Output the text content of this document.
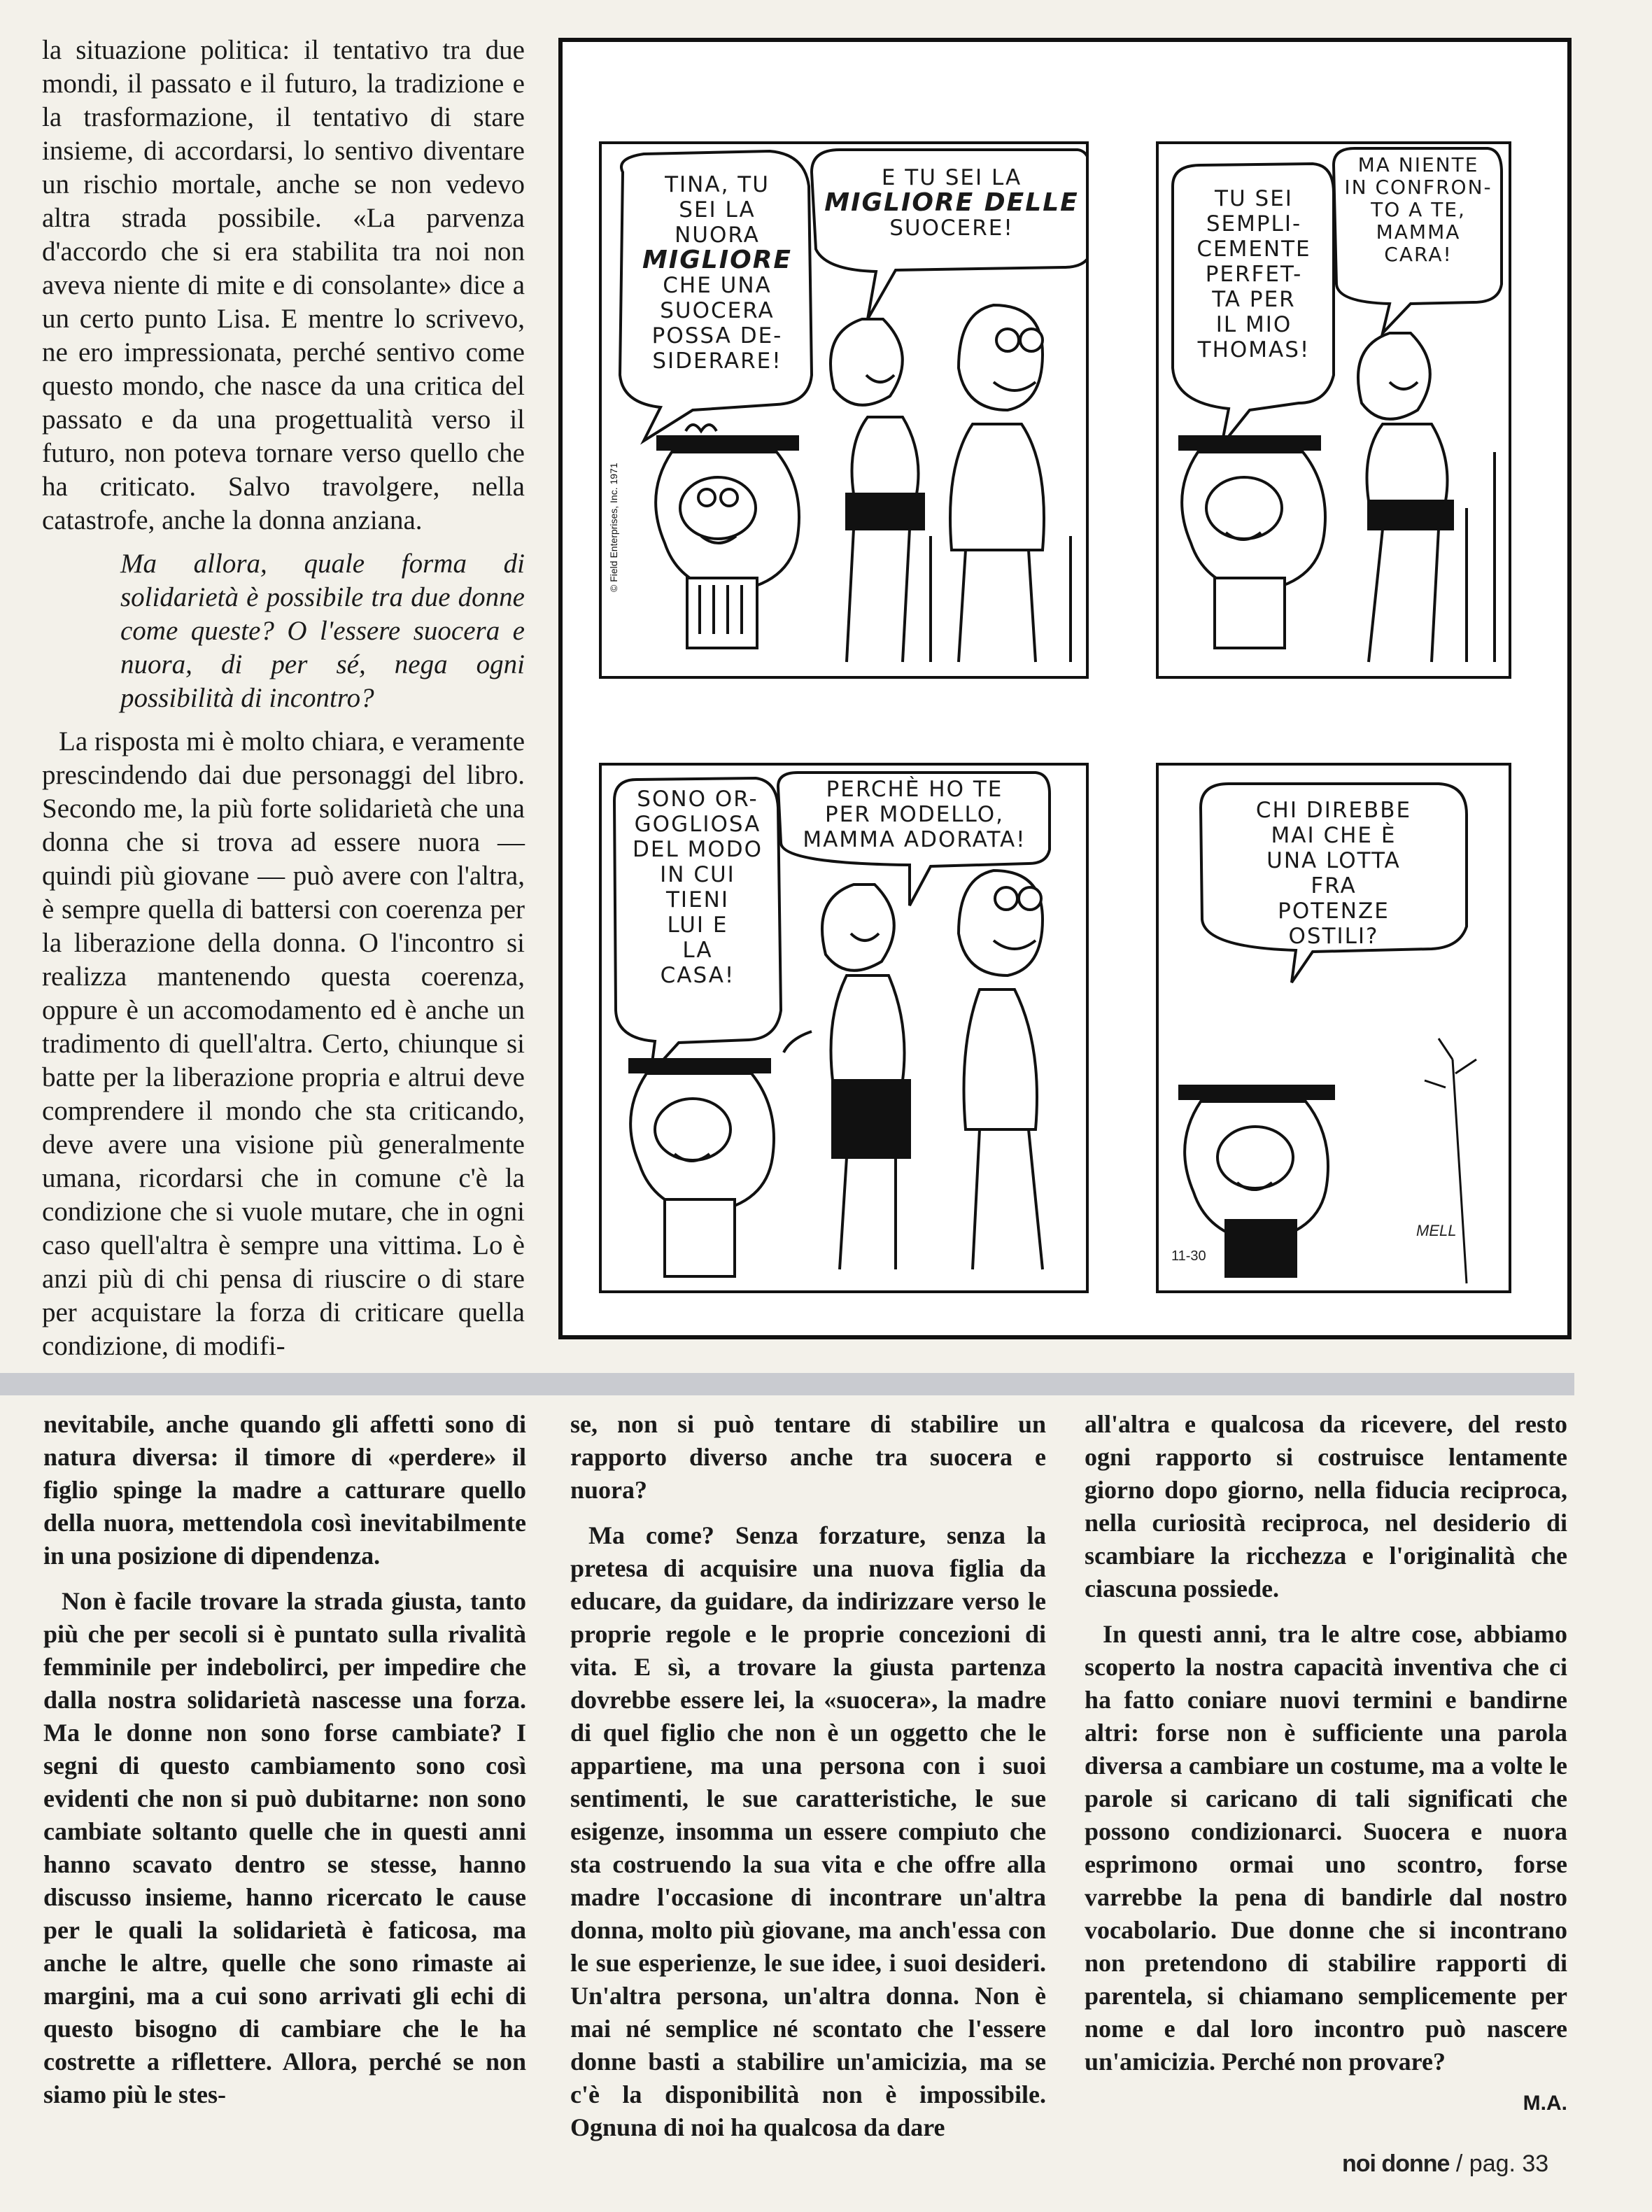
la situazione politica: il tentativo tra due mondi, il passato e il futuro, la tradizione e la trasformazione, il tentativo di stare insieme, di accordarsi, lo sentivo diventare un rischio mortale, anche se non vedevo altra strada possibile. «La parvenza d'accordo che si era stabilita tra noi non aveva niente di mite e di consolante» dice a un certo punto Lisa. E mentre lo scrivevo, ne ero impressionata, perché sentivo come questo mondo, che nasce da una critica del passato e da una progettualità verso il futuro, non poteva tornare verso quello che ha criticato. Salvo travolgere, nella catastrofe, anche la donna anziana.

Ma allora, quale forma di solidarietà è possibile tra due donne come queste? O l'essere suocera e nuora, di per sé, nega ogni possibilità di incontro?

La risposta mi è molto chiara, e veramente prescindendo dai due personaggi del libro. Secondo me, la più forte solidarietà che una donna che si trova ad essere nuora — quindi più giovane — può avere con l'altra, è sempre quella di battersi con coerenza per la liberazione della donna. O l'incontro si realizza mantenendo questa coerenza, oppure è un accomodamento ed è anche un tradimento di quell'altra. Certo, chiunque si batte per la liberazione propria e altrui deve comprendere il mondo che sta criticando, deve avere una visione più generalmente umana, ricordarsi che in comune c'è la condizione che si vuole mutare, che in ogni caso quell'altra è sempre una vittima. Lo è anzi più di chi pensa di riuscire o di stare per acquistare la forza di criticare quella condizione, di modifi-

© Field Enterprises, Inc. 1971
TINA, TU
SEI LA
NUORA
MIGLIORE
CHE UNA
SUOCERA
POSSA DE-
SIDERARE!
E TU SEI LA
MIGLIORE DELLE
SUOCERE!
TU SEI
SEMPLI-
CEMENTE
PERFET-
TA PER
IL MIO
THOMAS!
MA NIENTE
IN CONFRON-
TO A TE,
MAMMA
CARA!
SONO OR-
GOGLIOSA
DEL MODO
IN CUI
TIENI
LUI E
LA
CASA!
PERCHÈ HO TE
PER MODELLO,
MAMMA ADORATA!
CHI DIREBBE
MAI CHE È
UNA LOTTA
FRA
POTENZE
OSTILI?
11-30
MELL

nevitabile, anche quando gli affetti sono di natura diversa: il timore di «perdere» il figlio spinge la madre a catturare quello della nuora, mettendola così inevitabilmente in una posizione di dipendenza.

Non è facile trovare la strada giusta, tanto più che per secoli si è puntato sulla rivalità femminile per indebolirci, per impedire che dalla nostra solidarietà nascesse una forza. Ma le donne non sono forse cambiate? I segni di questo cambiamento sono così evidenti che non si può dubitarne: non sono cambiate soltanto quelle che in questi anni hanno scavato dentro se stesse, hanno discusso insieme, hanno ricercato le cause per le quali la solidarietà è faticosa, ma anche le altre, quelle che sono rimaste ai margini, ma a cui sono arrivati gli echi di questo bisogno di cambiare che le ha costrette a riflettere. Allora, perché se non siamo più le stes-

se, non si può tentare di stabilire un rapporto diverso anche tra suocera e nuora?

Ma come? Senza forzature, senza la pretesa di acquisire una nuova figlia da educare, da guidare, da indirizzare verso le proprie regole e le proprie concezioni di vita. E sì, a trovare la giusta partenza dovrebbe essere lei, la «suocera», la madre di quel figlio che non è un oggetto che le appartiene, ma una persona con i suoi sentimenti, le sue caratteristiche, le sue esigenze, insomma un essere compiuto che sta costruendo la sua vita e che offre alla madre l'occasione di incontrare un'altra donna, molto più giovane, ma anch'essa con le sue esperienze, le sue idee, i suoi desideri. Un'altra persona, un'altra donna. Non è mai né semplice né scontato che l'essere donne basti a stabilire un'amicizia, ma se c'è la disponibilità non è impossibile. Ognuna di noi ha qualcosa da dare

all'altra e qualcosa da ricevere, del resto ogni rapporto si costruisce lentamente giorno dopo giorno, nella fiducia reciproca, nella curiosità reciproca, nel desiderio di scambiare la ricchezza e l'originalità che ciascuna possiede.

In questi anni, tra le altre cose, abbiamo scoperto la nostra capacità inventiva che ci ha fatto coniare nuovi termini e bandirne altri: forse non è sufficiente una parola diversa a cambiare un costume, ma a volte le parole si caricano di tali significati che possono condizionarci. Suocera e nuora esprimono ormai uno scontro, forse varrebbe la pena di bandirle dal nostro vocabolario. Due donne che si incontrano non pretendono di stabilire rapporti di parentela, si chiamano semplicemente per nome e dal loro incontro può nascere un'amicizia. Perché non provare?

M.A.
noi donne / pag. 33
